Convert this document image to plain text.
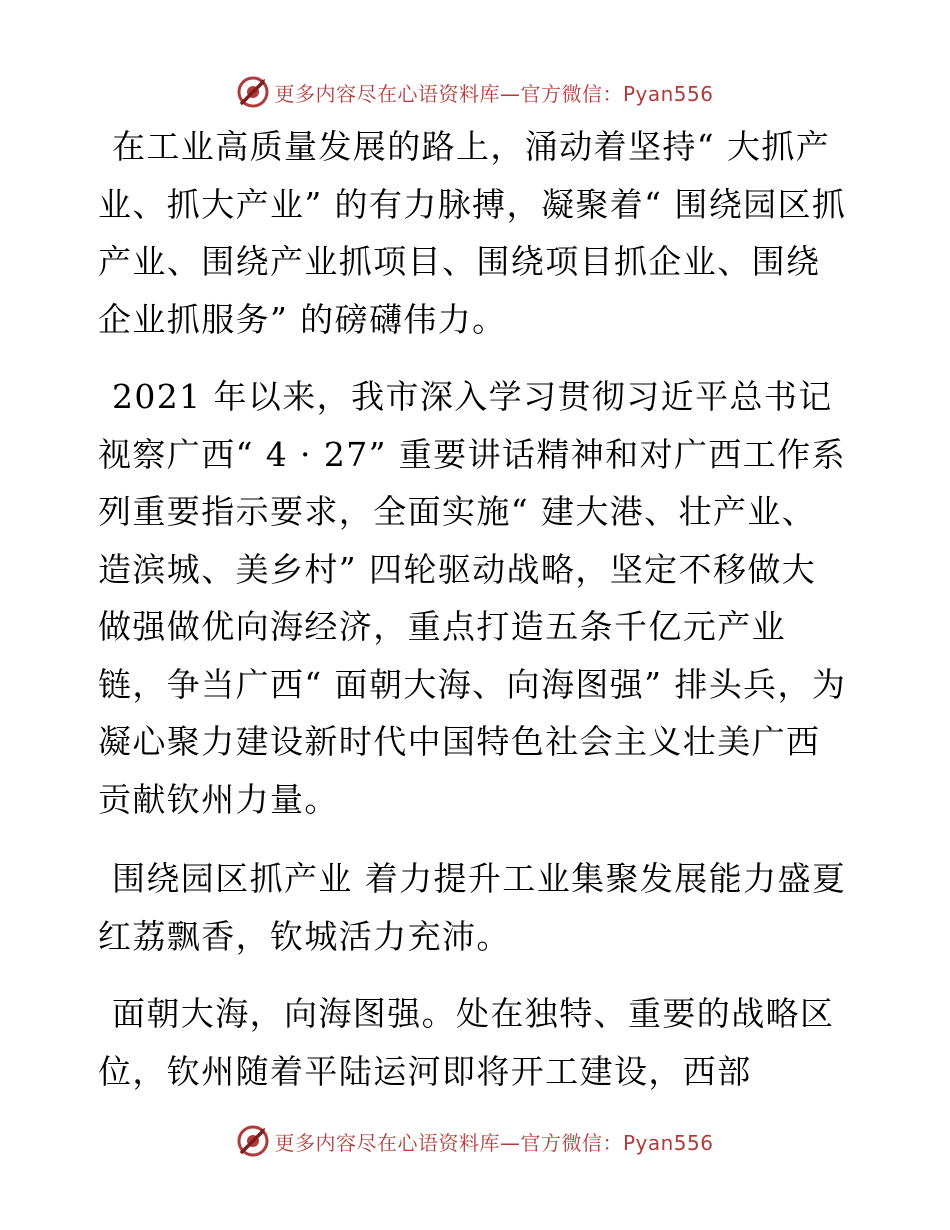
更多内容尽在心语资料库—官方微信：Pyan556

在工业高质量发展的路上，涌动着坚持“ 大抓产业、抓大产业” 的有力脉搏，凝聚着“ 围绕园区抓产业、围绕产业抓项目、围绕项目抓企业、围绕企业抓服务” 的磅礴伟力。

2021 年以来，我市深入学习贯彻习近平总书记视察广西“ 4 · 27” 重要讲话精神和对广西工作系列重要指示要求，全面实施“ 建大港、壮产业、造滨城、美乡村” 四轮驱动战略，坚定不移做大做强做优向海经济，重点打造五条千亿元产业链，争当广西“ 面朝大海、向海图强” 排头兵，为凝心聚力建设新时代中国特色社会主义壮美广西贡献钦州力量。

围绕园区抓产业 着力提升工业集聚发展能力盛夏红荔飘香，钦城活力充沛。

面朝大海，向海图强。处在独特、重要的战略区位，钦州随着平陆运河即将开工建设，西部

更多内容尽在心语资料库—官方微信：Pyan556
